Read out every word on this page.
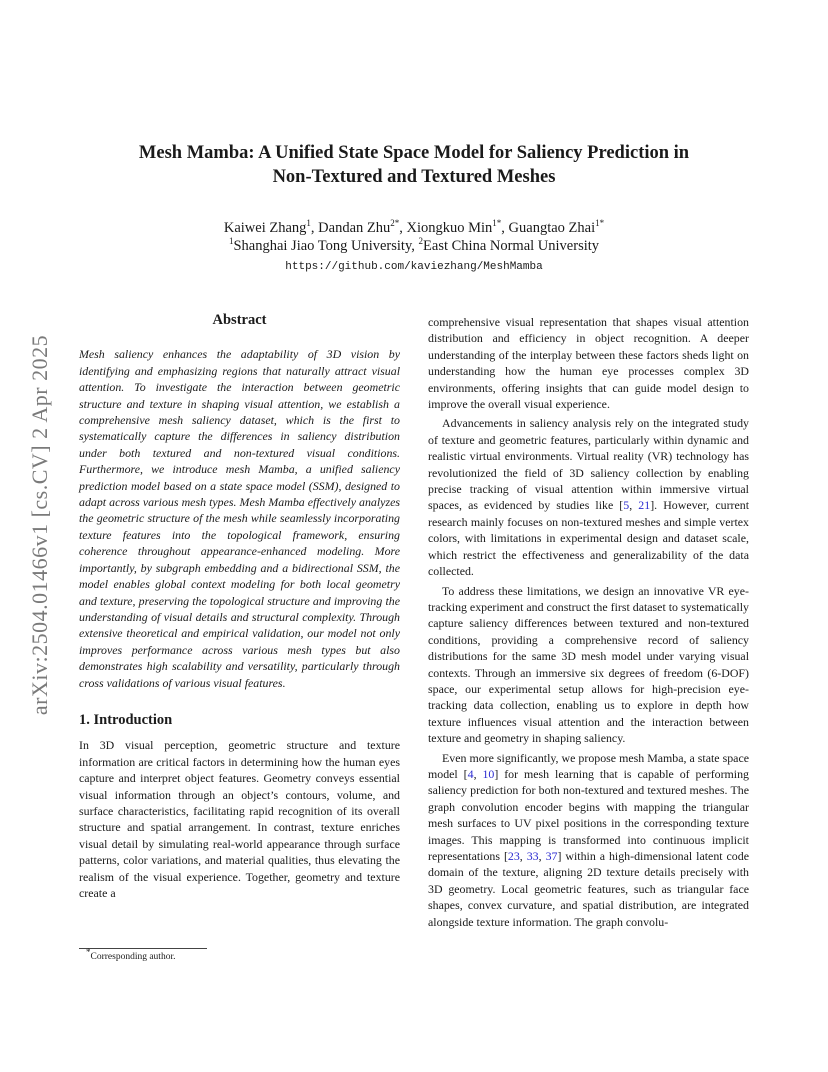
arXiv:2504.01466v1 [cs.CV] 2 Apr 2025
Mesh Mamba: A Unified State Space Model for Saliency Prediction in
Non-Textured and Textured Meshes
Kaiwei Zhang$^1$, Dandan Zhu$^{2*}$, Xiongkuo Min$^{1*}$, Guangtao Zhai$^{1*}$
$^1$Shanghai Jiao Tong University, $^2$East China Normal University
https://github.com/kaviezhang/MeshMamba
Abstract

Mesh saliency enhances the adaptability of 3D vision by identifying and emphasizing regions that naturally attract visual attention. To investigate the interaction between geometric structure and texture in shaping visual attention, we establish a comprehensive mesh saliency dataset, which is the first to systematically capture the differences in saliency distribution under both textured and non-textured visual conditions. Furthermore, we introduce mesh Mamba, a unified saliency prediction model based on a state space model (SSM), designed to adapt across various mesh types. Mesh Mamba effectively analyzes the geometric structure of the mesh while seamlessly incorporating texture features into the topological framework, ensuring coherence throughout appearance-enhanced modeling. More importantly, by subgraph embedding and a bidirectional SSM, the model enables global context modeling for both local geometry and texture, preserving the topological structure and improving the understanding of visual details and structural complexity. Through extensive theoretical and empirical validation, our model not only improves performance across various mesh types but also demonstrates high scalability and versatility, particularly through cross validations of various visual features.

1. Introduction

In 3D visual perception, geometric structure and texture information are critical factors in determining how the human eyes capture and interpret object features. Geometry conveys essential visual information through an object’s contours, volume, and surface characteristics, facilitating rapid recognition of its overall structure and spatial arrangement. In contrast, texture enriches visual detail by simulating real-world appearance through surface patterns, color variations, and material qualities, thus elevating the realism of the visual experience. Together, geometry and texture create a

comprehensive visual representation that shapes visual attention distribution and efficiency in object recognition. A deeper understanding of the interplay between these factors sheds light on understanding how the human eye processes complex 3D environments, offering insights that can guide model design to improve the overall visual experience.

Advancements in saliency analysis rely on the integrated study of texture and geometric features, particularly within dynamic and realistic virtual environments. Virtual reality (VR) technology has revolutionized the field of 3D saliency collection by enabling precise tracking of visual attention within immersive virtual spaces, as evidenced by studies like [5, 21]. However, current research mainly focuses on non-textured meshes and simple vertex colors, with limitations in experimental design and dataset scale, which restrict the effectiveness and generalizability of the data collected.

To address these limitations, we design an innovative VR eye-tracking experiment and construct the first dataset to systematically capture saliency differences between textured and non-textured conditions, providing a comprehensive record of saliency distributions for the same 3D mesh model under varying visual contexts. Through an immersive six degrees of freedom (6-DOF) space, our experimental setup allows for high-precision eye-tracking data collection, enabling us to explore in depth how texture influences visual attention and the interaction between texture and geometry in shaping saliency.

Even more significantly, we propose mesh Mamba, a state space model [4, 10] for mesh learning that is capable of performing saliency prediction for both non-textured and textured meshes. The graph convolution encoder begins with mapping the triangular mesh surfaces to UV pixel positions in the corresponding texture images. This mapping is transformed into continuous implicit representations [23, 33, 37] within a high-dimensional latent code domain of the texture, aligning 2D texture details precisely with 3D geometry. Local geometric features, such as triangular face shapes, convex curvature, and spatial distribution, are integrated alongside texture information. The graph convolu-

*Corresponding author.
